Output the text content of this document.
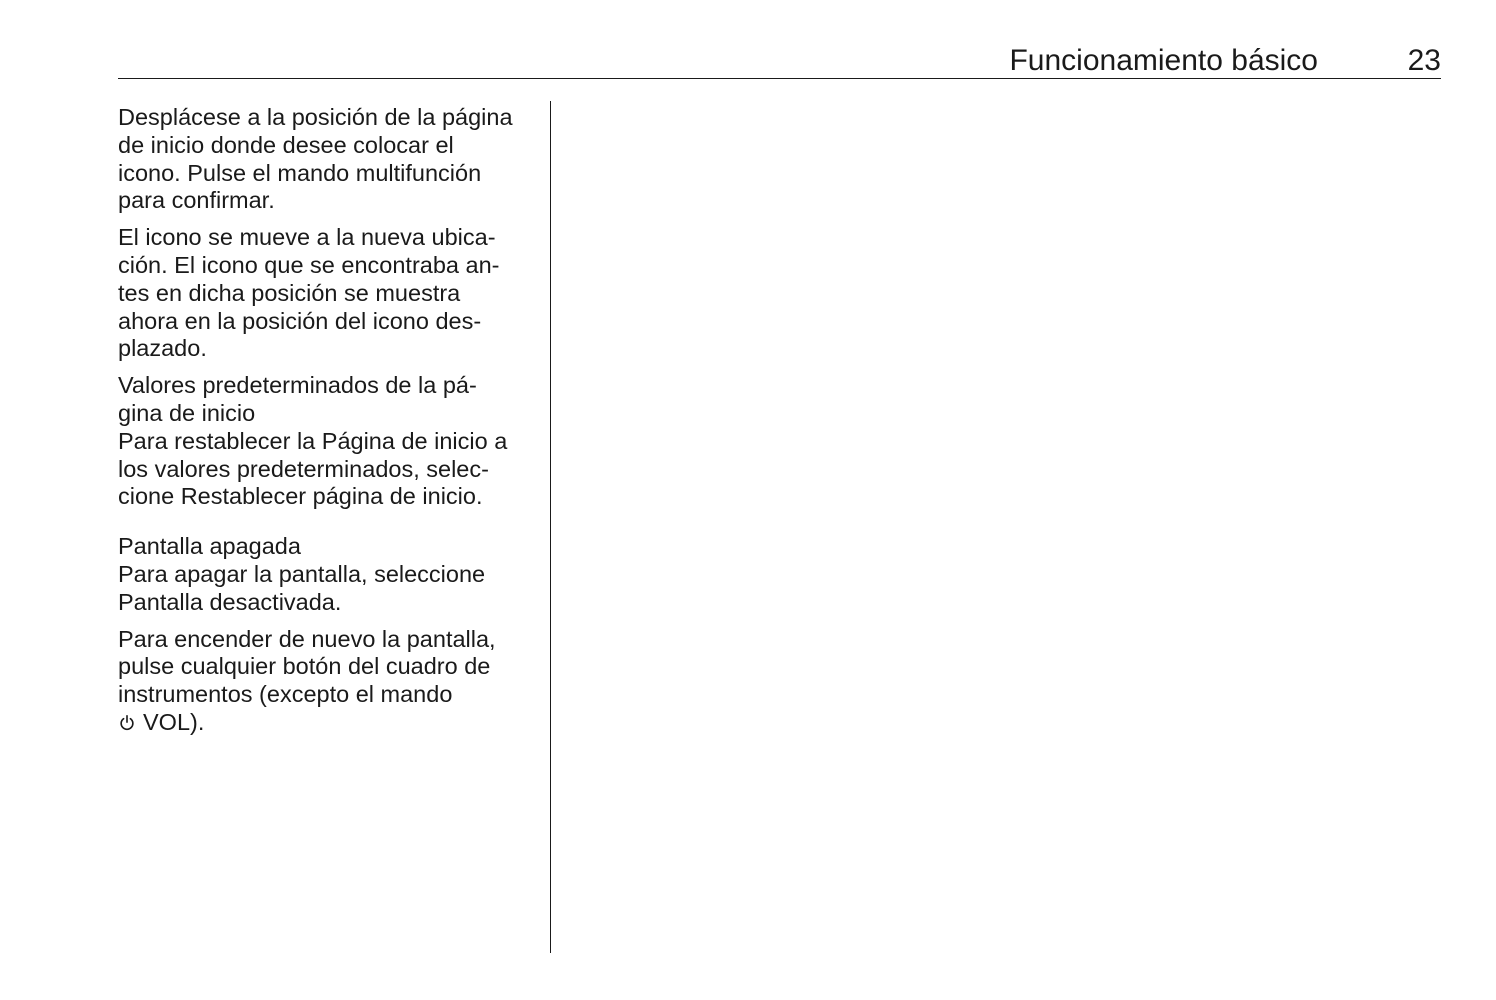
Funcionamiento básico	23

Desplácese a la posición de la página
de inicio donde desee colocar el
icono. Pulse el mando multifunción
para confirmar.

El icono se mueve a la nueva ubica-
ción. El icono que se encontraba an-
tes en dicha posición se muestra
ahora en la posición del icono des-
plazado.

Valores predeterminados de la pá-
gina de inicio
Para restablecer la Página de inicio a
los valores predeterminados, selec-
cione Restablecer página de inicio.

Pantalla apagada
Para apagar la pantalla, seleccione
Pantalla desactivada.

Para encender de nuevo la pantalla,
pulse cualquier botón del cuadro de
instrumentos (excepto el mando
VOL).
